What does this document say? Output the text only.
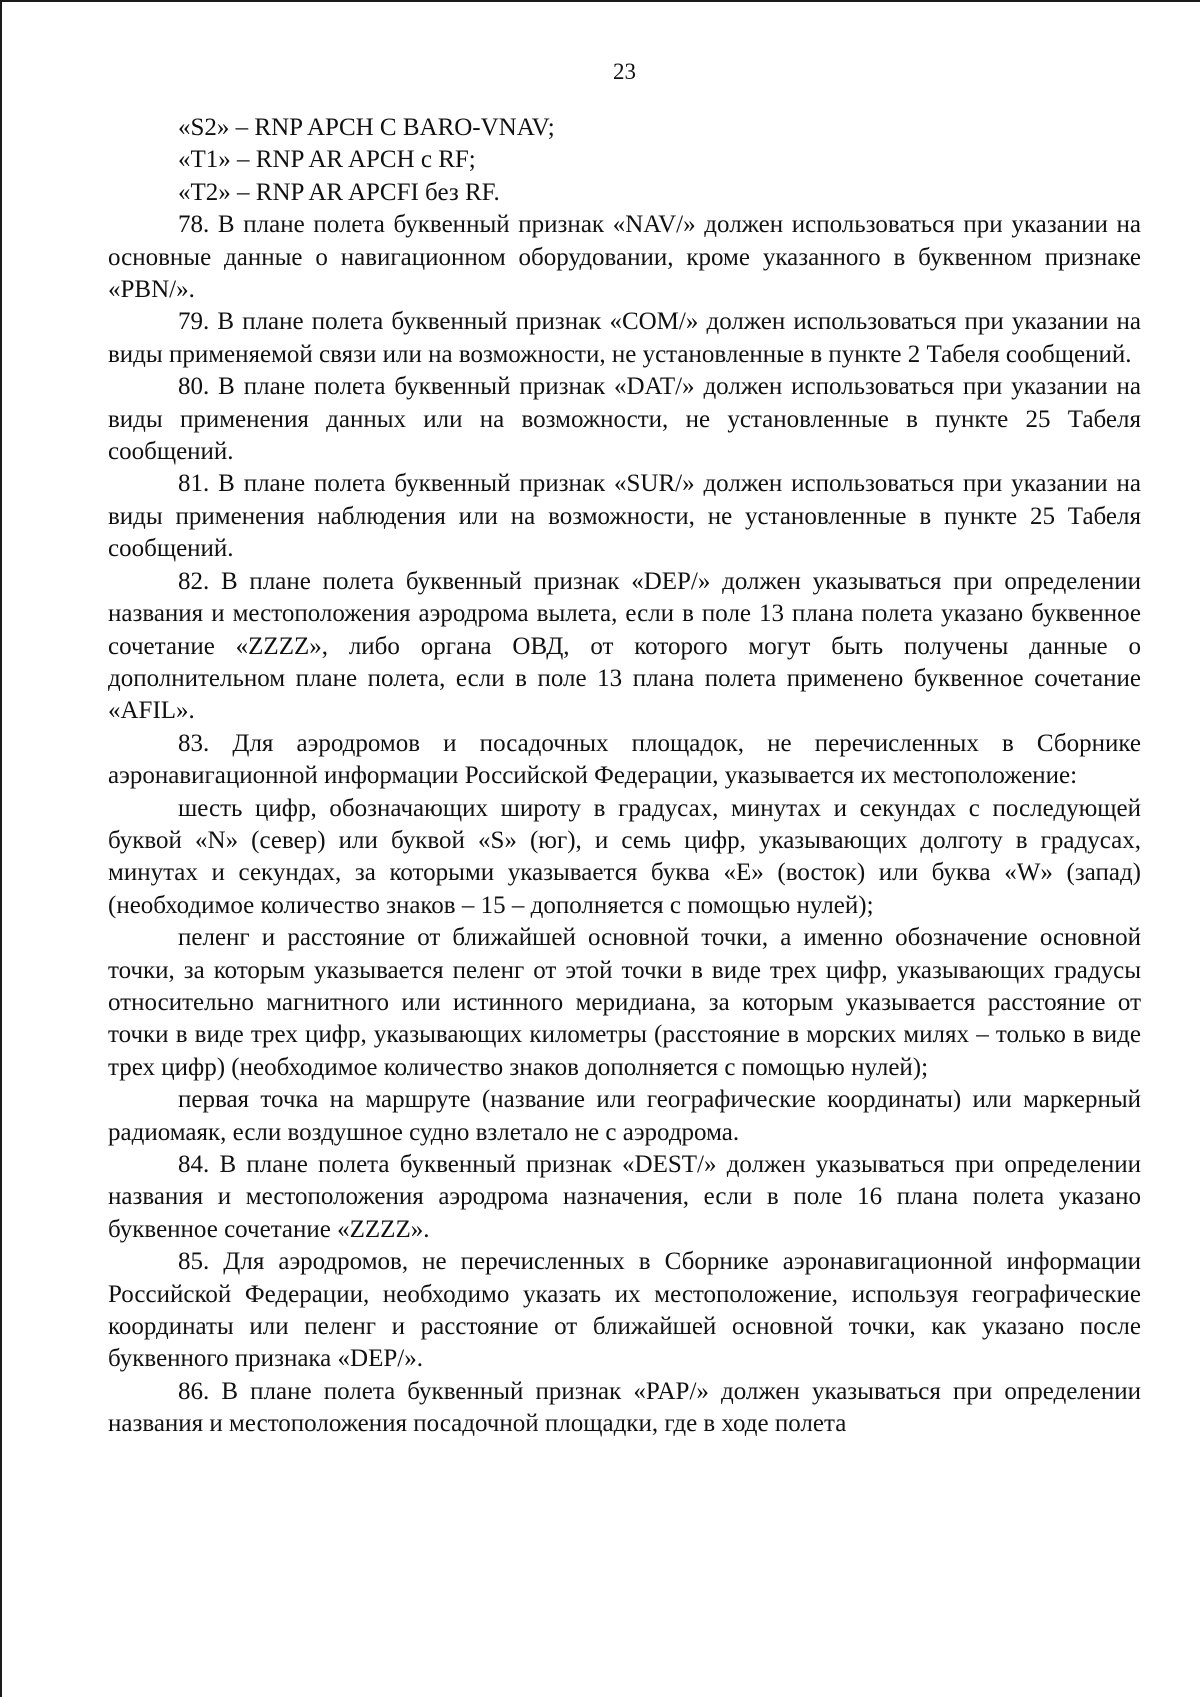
23
«S2» – RNP APCH C BARO-VNAV;
«T1» – RNP AR APCH c RF;
«T2» – RNP AR APCFI без RF.

78. В плане полета буквенный признак «NAV/» должен использоваться при указании на основные данные о навигационном оборудовании, кроме указанного в буквенном признаке «PBN/».

79. В плане полета буквенный признак «COM/» должен использоваться при указании на виды применяемой связи или на возможности, не установленные в пункте 2 Табеля сообщений.

80. В плане полета буквенный признак «DAT/» должен использоваться при указании на виды применения данных или на возможности, не установленные в пункте 25 Табеля сообщений.

81. В плане полета буквенный признак «SUR/» должен использоваться при указании на виды применения наблюдения или на возможности, не установленные в пункте 25 Табеля сообщений.

82. В плане полета буквенный признак «DEP/» должен указываться при определении названия и местоположения аэродрома вылета, если в поле 13 плана полета указано буквенное сочетание «ZZZZ», либо органа ОВД, от которого могут быть получены данные о дополнительном плане полета, если в поле 13 плана полета применено буквенное сочетание «AFIL».

83. Для аэродромов и посадочных площадок, не перечисленных в Сборнике аэронавигационной информации Российской Федерации, указывается их местоположение:

шесть цифр, обозначающих широту в градусах, минутах и секундах с последующей буквой «N» (север) или буквой «S» (юг), и семь цифр, указывающих долготу в градусах, минутах и секундах, за которыми указывается буква «E» (восток) или буква «W» (запад) (необходимое количество знаков – 15 – дополняется с помощью нулей);

пеленг и расстояние от ближайшей основной точки, а именно обозначение основной точки, за которым указывается пеленг от этой точки в виде трех цифр, указывающих градусы относительно магнитного или истинного меридиана, за которым указывается расстояние от точки в виде трех цифр, указывающих километры (расстояние в морских милях – только в виде трех цифр) (необходимое количество знаков дополняется с помощью нулей);

первая точка на маршруте (название или географические координаты) или маркерный радиомаяк, если воздушное судно взлетало не с аэродрома.

84. В плане полета буквенный признак «DEST/» должен указываться при определении названия и местоположения аэродрома назначения, если в поле 16 плана полета указано буквенное сочетание «ZZZZ».

85. Для аэродромов, не перечисленных в Сборнике аэронавигационной информации Российской Федерации, необходимо указать их местоположение, используя географические координаты или пеленг и расстояние от ближайшей основной точки, как указано после буквенного признака «DEP/».

86. В плане полета буквенный признак «PAP/» должен указываться при определении названия и местоположения посадочной площадки, где в ходе полета
